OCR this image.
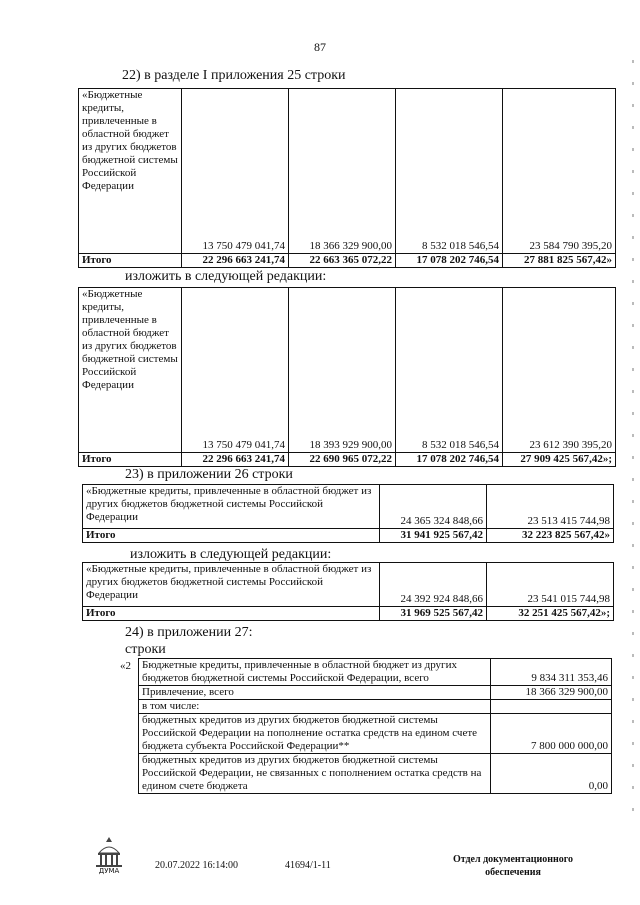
87
22) в разделе I приложения 25 строки
«Бюджетные кредиты, привлеченные в областной бюджет из других бюджетов бюджетной системы Российской Федерации	13 750 479 041,74	18 366 329 900,00	8 532 018 546,54	23 584 790 395,20
Итого	22 296 663 241,74	22 663 365 072,22	17 078 202 746,54	27 881 825 567,42»
изложить в следующей редакции:
«Бюджетные кредиты, привлеченные в областной бюджет из других бюджетов бюджетной системы Российской Федерации	13 750 479 041,74	18 393 929 900,00	8 532 018 546,54	23 612 390 395,20
Итого	22 296 663 241,74	22 690 965 072,22	17 078 202 746,54	27 909 425 567,42»;
23) в приложении 26 строки
«Бюджетные кредиты, привлеченные в областной бюджет из других бюджетов бюджетной системы Российской Федерации	24 365 324 848,66	23 513 415 744,98
Итого	31 941 925 567,42	32 223 825 567,42»
изложить в следующей редакции:
«Бюджетные кредиты, привлеченные в областной бюджет из других бюджетов бюджетной системы Российской Федерации	24 392 924 848,66	23 541 015 744,98
Итого	31 969 525 567,42	32 251 425 567,42»;
24) в приложении 27:
строки
«2 Бюджетные кредиты, привлеченные в областной бюджет из других бюджетов бюджетной системы Российской Федерации, всего	9 834 311 353,46
Привлечение, всего	18 366 329 900,00
в том числе:	
бюджетных кредитов из других бюджетов бюджетной системы Российской Федерации на пополнение остатка средств на едином счете бюджета субъекта Российской Федерации**	7 800 000 000,00
бюджетных кредитов из других бюджетов бюджетной системы Российской Федерации, не связанных с пополнением остатка средств на едином счете бюджета	0,00
ДУМА	20.07.2022 16:14:00	41694/1-11
Отдел документационного обеспечения
